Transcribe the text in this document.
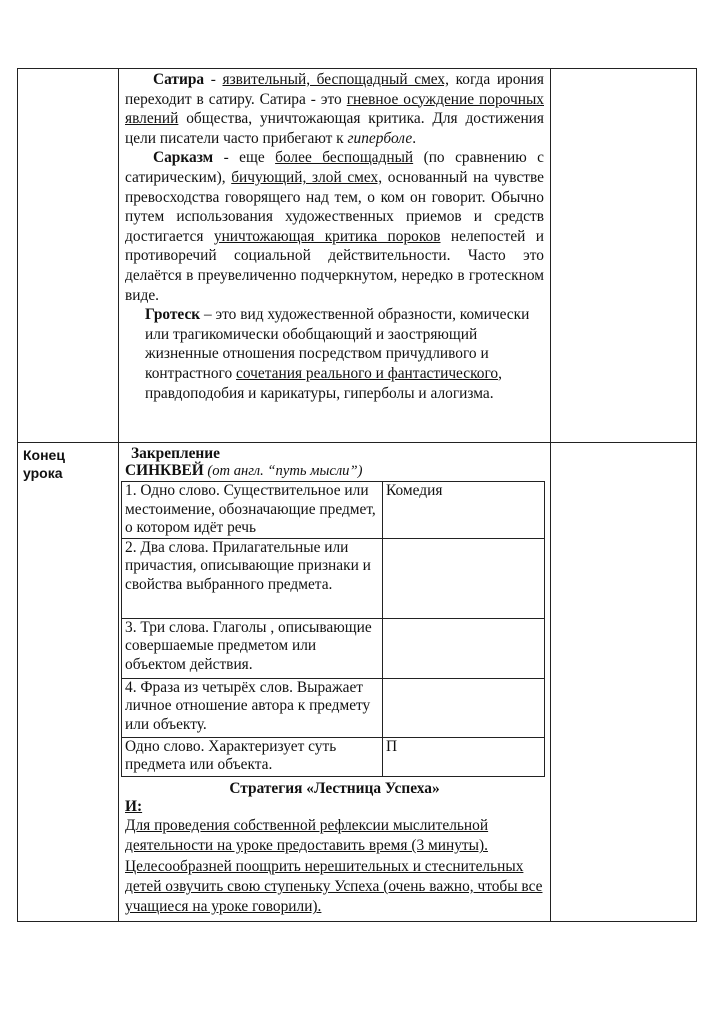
Сатира - язвительный, беспощадный смех, когда ирония переходит в сатиру. Сатира - это гневное осуждение порочных явлений общества, уничтожающая критика. Для достижения цели писатели часто прибегают к гиперболе.

Сарказм - еще более беспощадный (по сравнению с сатирическим), бичующий, злой смех, основанный на чувстве превосходства говорящего над тем, о ком он говорит. Обычно путем использования художественных приемов и средств достигается уничтожающая критика пороков нелепостей и противоречий социальной действительности. Часто это делаётся в преувеличенно подчеркнутом, нередко в гротескном виде.

Гротеск – это вид художественной образности, комически или трагикомически обобщающий и заостряющий жизненные отношения посредством причудливого и контрастного сочетания реального и фантастического, правдоподобия и карикатуры, гиперболы и алогизма.

Конец
урока

Закрепление
СИНКВЕЙ (от англ. “путь мысли”)
1. Одно слово. Существительное или местоимение, обозначающие предмет, о котором идёт речь	Комедия
2. Два слова. Прилагательные или причастия, описывающие признаки и свойства выбранного предмета.	
3. Три слова. Глаголы , описывающие совершаемые предметом или объектом действия.	
4. Фраза из четырёх слов. Выражает личное отношение автора к предмету или объекту.	
Одно слово. Характеризует суть предмета или объекта.	П
Стратегия «Лестница Успеха»
И:

Для проведения собственной рефлексии мыслительной деятельности на уроке предоставить время (3 минуты). Целесообразней поощрить нерешительных и стеснительных детей озвучить свою ступеньку Успеха (очень важно, чтобы все учащиеся на уроке говорили).
